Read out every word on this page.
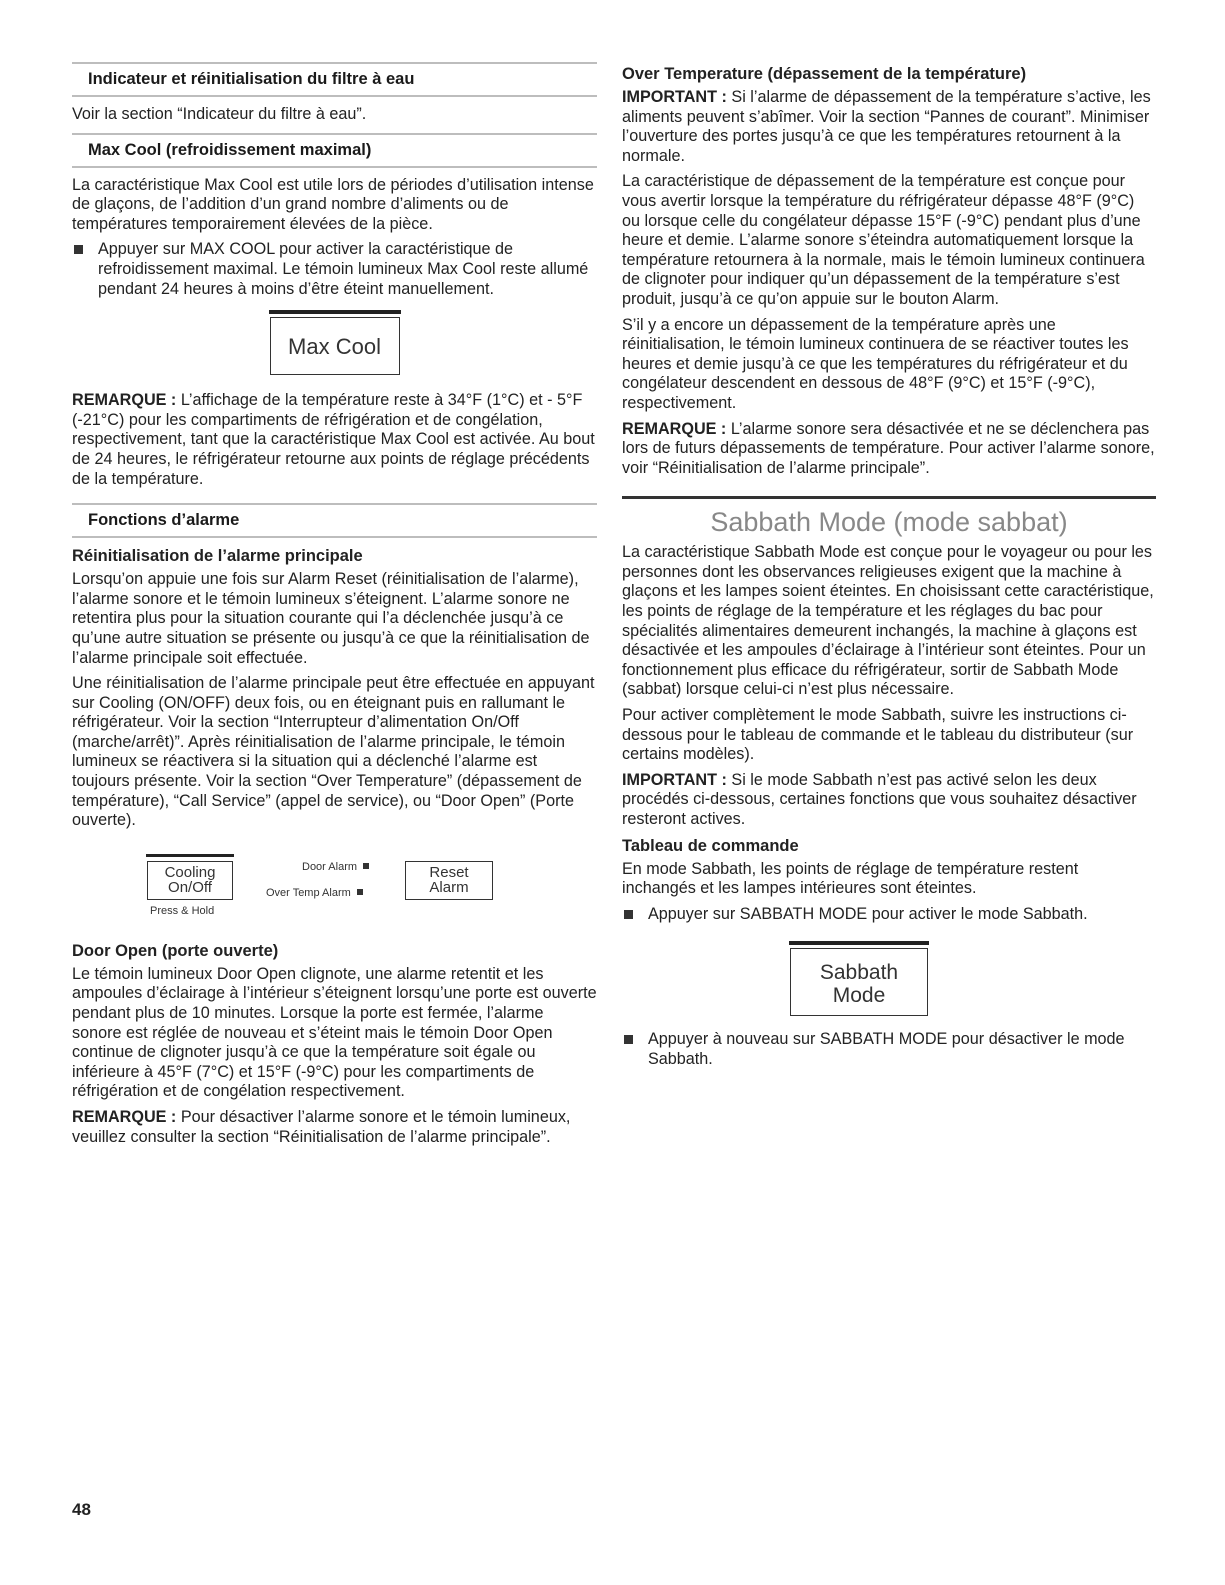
Indicateur et réinitialisation du filtre à eau

Voir la section “Indicateur du filtre à eau”.

Max Cool (refroidissement maximal)

La caractéristique Max Cool est utile lors de périodes d’utilisation intense de glaçons, de l’addition d’un grand nombre d’aliments ou de températures temporairement élevées de la pièce.

Appuyer sur MAX COOL pour activer la caractéristique de refroidissement maximal. Le témoin lumineux Max Cool reste allumé pendant 24 heures à moins d’être éteint manuellement.

Max Cool

REMARQUE : L’affichage de la température reste à 34°F (1°C) et - 5°F (-21°C) pour les compartiments de réfrigération et de congélation, respectivement, tant que la caractéristique Max Cool est activée. Au bout de 24 heures, le réfrigérateur retourne aux points de réglage précédents de la température.

Fonctions d’alarme
Réinitialisation de l’alarme principale

Lorsqu’on appuie une fois sur Alarm Reset (réinitialisation de l’alarme), l’alarme sonore et le témoin lumineux s’éteignent. L’alarme sonore ne retentira plus pour la situation courante qui l’a déclenchée jusqu’à ce qu’une autre situation se présente ou jusqu’à ce que la réinitialisation de l’alarme principale soit effectuée.

Une réinitialisation de l’alarme principale peut être effectuée en appuyant sur Cooling (ON/OFF) deux fois, ou en éteignant puis en rallumant le réfrigérateur. Voir la section “Interrupteur d’alimentation On/Off (marche/arrêt)”. Après réinitialisation de l’alarme principale, le témoin lumineux se réactivera si la situation qui a déclenché l’alarme est toujours présente. Voir la section “Over Temperature” (dépassement de température), “Call Service” (appel de service), ou “Door Open” (Porte ouverte).

Cooling
On/Off
Press & Hold
Door Alarm
Over Temp Alarm
Reset
Alarm
Door Open (porte ouverte)

Le témoin lumineux Door Open clignote, une alarme retentit et les ampoules d’éclairage à l’intérieur s’éteignent lorsqu’une porte est ouverte pendant plus de 10 minutes. Lorsque la porte est fermée, l’alarme sonore est réglée de nouveau et s’éteint mais le témoin Door Open continue de clignoter jusqu’à ce que la température soit égale ou inférieure à 45°F (7°C) et 15°F (-9°C) pour les compartiments de réfrigération et de congélation respectivement.

REMARQUE : Pour désactiver l’alarme sonore et le témoin lumineux, veuillez consulter la section “Réinitialisation de l’alarme principale”.

Over Temperature (dépassement de la température)

IMPORTANT : Si l’alarme de dépassement de la température s’active, les aliments peuvent s’abîmer. Voir la section “Pannes de courant”. Minimiser l’ouverture des portes jusqu’à ce que les températures retournent à la normale.

La caractéristique de dépassement de la température est conçue pour vous avertir lorsque la température du réfrigérateur dépasse 48°F (9°C) ou lorsque celle du congélateur dépasse 15°F (-9°C) pendant plus d’une heure et demie. L’alarme sonore s’éteindra automatiquement lorsque la température retournera à la normale, mais le témoin lumineux continuera de clignoter pour indiquer qu’un dépassement de la température s’est produit, jusqu’à ce qu’on appuie sur le bouton Alarm.

S’il y a encore un dépassement de la température après une réinitialisation, le témoin lumineux continuera de se réactiver toutes les heures et demie jusqu’à ce que les températures du réfrigérateur et du congélateur descendent en dessous de 48°F (9°C) et 15°F (-9°C), respectivement.

REMARQUE : L’alarme sonore sera désactivée et ne se déclenchera pas lors de futurs dépassements de température. Pour activer l’alarme sonore, voir “Réinitialisation de l’alarme principale”.

Sabbath Mode (mode sabbat)

La caractéristique Sabbath Mode est conçue pour le voyageur ou pour les personnes dont les observances religieuses exigent que la machine à glaçons et les lampes soient éteintes. En choisissant cette caractéristique, les points de réglage de la température et les réglages du bac pour spécialités alimentaires demeurent inchangés, la machine à glaçons est désactivée et les ampoules d’éclairage à l’intérieur sont éteintes. Pour un fonctionnement plus efficace du réfrigérateur, sortir de Sabbath Mode (sabbat) lorsque celui-ci n’est plus nécessaire.

Pour activer complètement le mode Sabbath, suivre les instructions ci-dessous pour le tableau de commande et le tableau du distributeur (sur certains modèles).

IMPORTANT : Si le mode Sabbath n’est pas activé selon les deux procédés ci-dessous, certaines fonctions que vous souhaitez désactiver resteront actives.

Tableau de commande

En mode Sabbath, les points de réglage de température restent inchangés et les lampes intérieures sont éteintes.

Appuyer sur SABBATH MODE pour activer le mode Sabbath.

Sabbath
Mode

Appuyer à nouveau sur SABBATH MODE pour désactiver le mode Sabbath.

48
